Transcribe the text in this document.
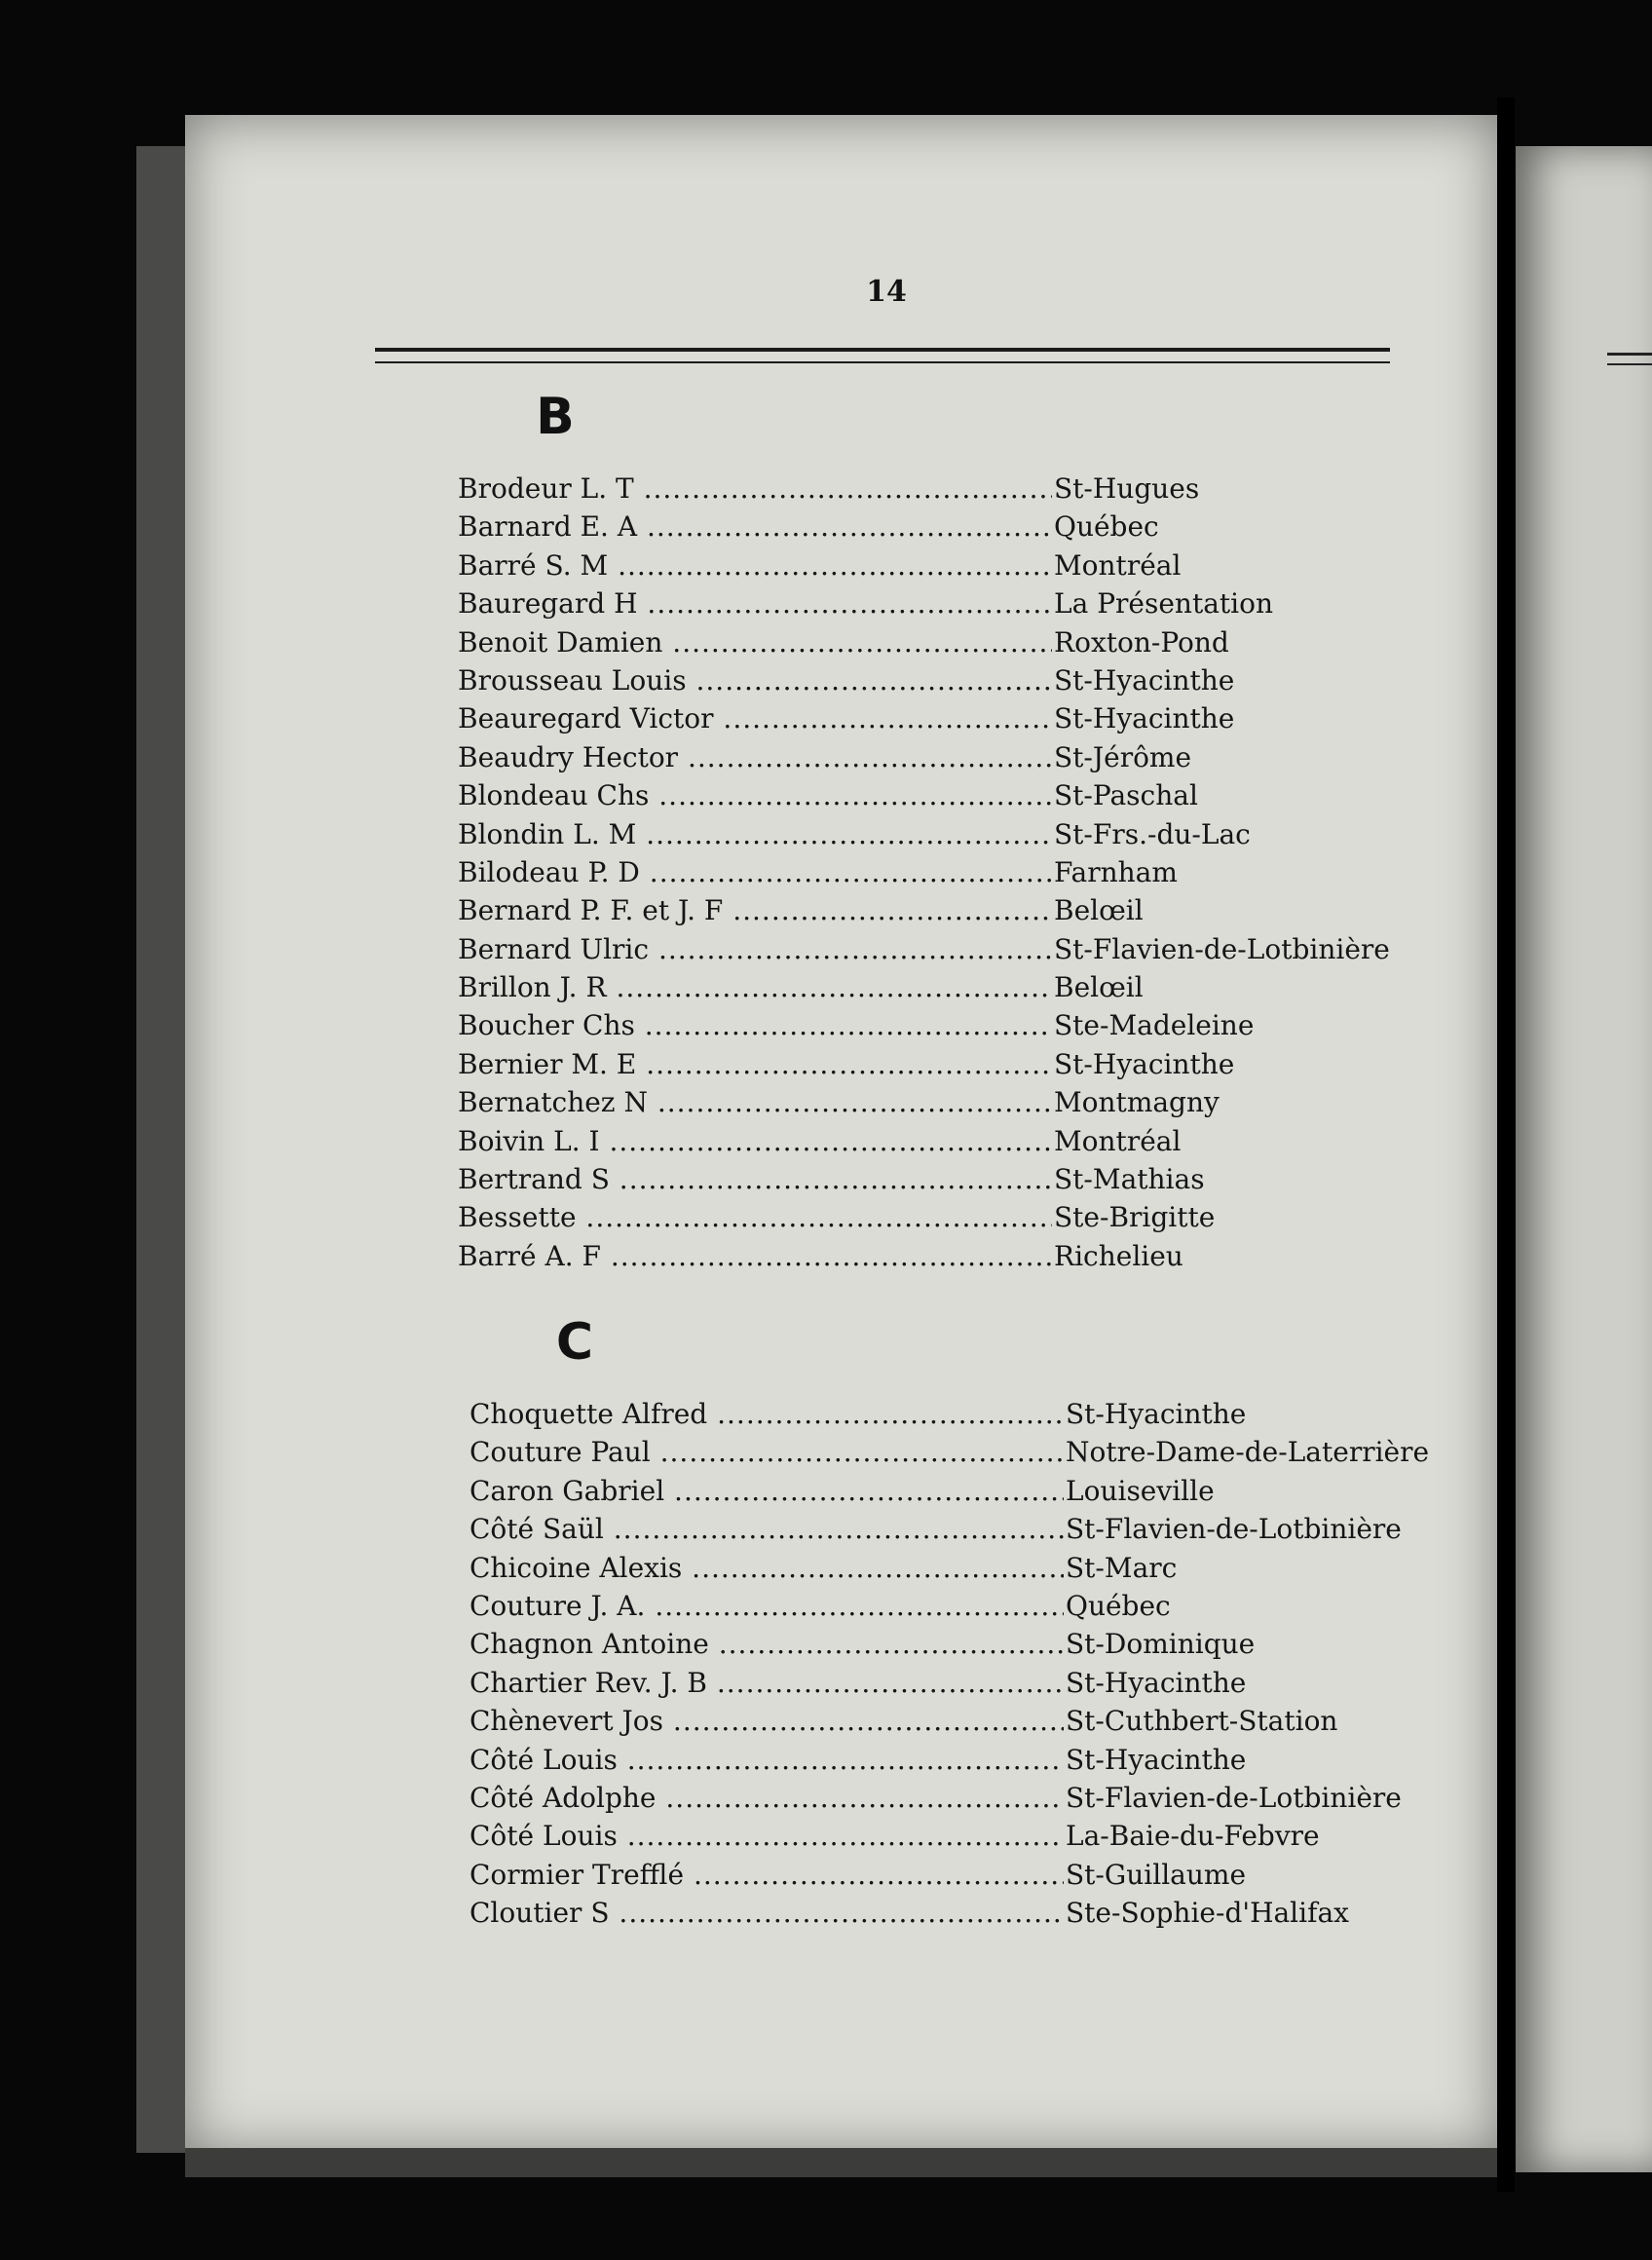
14
B
Brodeur L. T .....	St-Hugues
Barnard E. A .....	Québec
Barré S. M .....	Montréal
Bauregard H .....	La Présentation
Benoit Damien .....	Roxton-Pond
Brousseau Louis .....	St-Hyacinthe
Beauregard Victor .....	St-Hyacinthe
Beaudry Hector .....	St-Jérôme
Blondeau Chs .....	St-Paschal
Blondin L. M .....	St-Frs.-du-Lac
Bilodeau P. D .....	Farnham
Bernard P. F. et J. F .....	Belœil
Bernard Ulric .....	St-Flavien-de-Lotbinière
Brillon J. R .....	Belœil
Boucher Chs .....	Ste-Madeleine
Bernier M. E .....	St-Hyacinthe
Bernatchez N .....	Montmagny
Boivin L. I .....	Montréal
Bertrand S .....	St-Mathias
Bessette .....	Ste-Brigitte
Barré A. F .....	Richelieu
C
Choquette Alfred .....	St-Hyacinthe
Couture Paul .....	Notre-Dame-de-Laterrière
Caron Gabriel .....	Louiseville
Côté Saül .....	St-Flavien-de-Lotbinière
Chicoine Alexis .....	St-Marc
Couture J. A. .....	Québec
Chagnon Antoine .....	St-Dominique
Chartier Rev. J. B .....	St-Hyacinthe
Chènevert Jos .....	St-Cuthbert-Station
Côté Louis .....	St-Hyacinthe
Côté Adolphe .....	St-Flavien-de-Lotbinière
Côté Louis .....	La-Baie-du-Febvre
Cormier Trefflé .....	St-Guillaume
Cloutier S .....	Ste-Sophie-d'Halifax
